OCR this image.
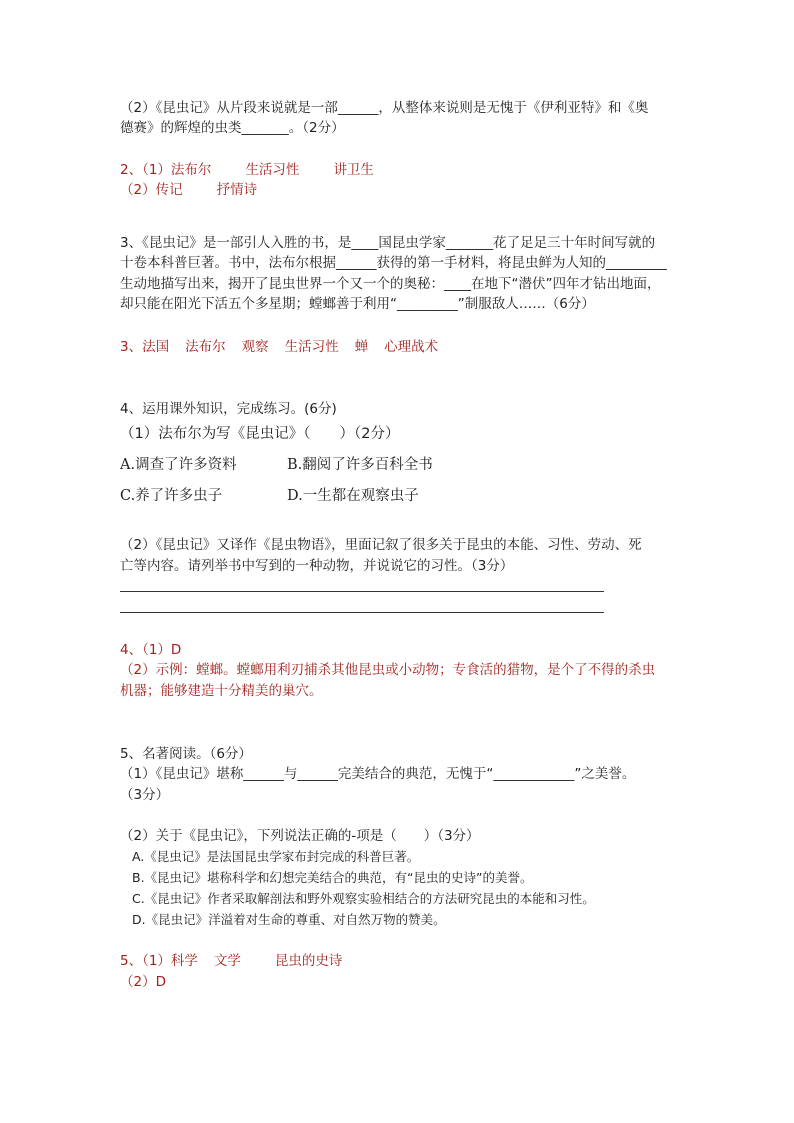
（2）《昆虫记》从片段来说就是一部______，从整体来说则是无愧于《伊利亚特》和《奥
德赛》的辉煌的虫类_______。（2分）
2、（1）法布尔	生活习性	讲卫生
（2）传记	抒情诗
3、《昆虫记》是一部引人入胜的书，是____国昆虫学家_______花了足足三十年时间写就的
十卷本科普巨著。书中，法布尔根据______获得的第一手材料，将昆虫鲜为人知的_________
生动地描写出来，揭开了昆虫世界一个又一个的奥秘：____在地下“潜伏”四年才钻出地面，
却只能在阳光下活五个多星期；螳螂善于利用“_________”制服敌人……（6分）
3、法国 法布尔 观察 生活习性 蝉 心理战术
4、运用课外知识，完成练习。(6分)
（1）法布尔为写《昆虫记》（　　）（2分）
A.调查了许多资料	B.翻阅了许多百科全书
C.养了许多虫子	D.一生都在观察虫子
（2）《昆虫记》又译作《昆虫物语》，里面记叙了很多关于昆虫的本能、习性、劳动、死
亡等内容。请列举书中写到的一种动物，并说说它的习性。（3分）
4、（1）D
（2）示例：螳螂。螳螂用利刃捕杀其他昆虫或小动物；专食活的猎物，是个了不得的杀虫
机器；能够建造十分精美的巢穴。
5、名著阅读。（6分）
（1）《昆虫记》堪称______与______完美结合的典范，无愧于“____________”之美誉。
（3分）
（2）关于《昆虫记》，下列说法正确的-项是（　　）（3分）
A.《昆虫记》是法国昆虫学家布封完成的科普巨著。
B.《昆虫记》堪称科学和幻想完美结合的典范，有“昆虫的史诗”的美誉。
C.《昆虫记》作者采取解剖法和野外观察实验相结合的方法研究昆虫的本能和习性。
D.《昆虫记》洋溢着对生命的尊重、对自然万物的赞美。
5、（1）科学 文学	昆虫的史诗
（2）D
